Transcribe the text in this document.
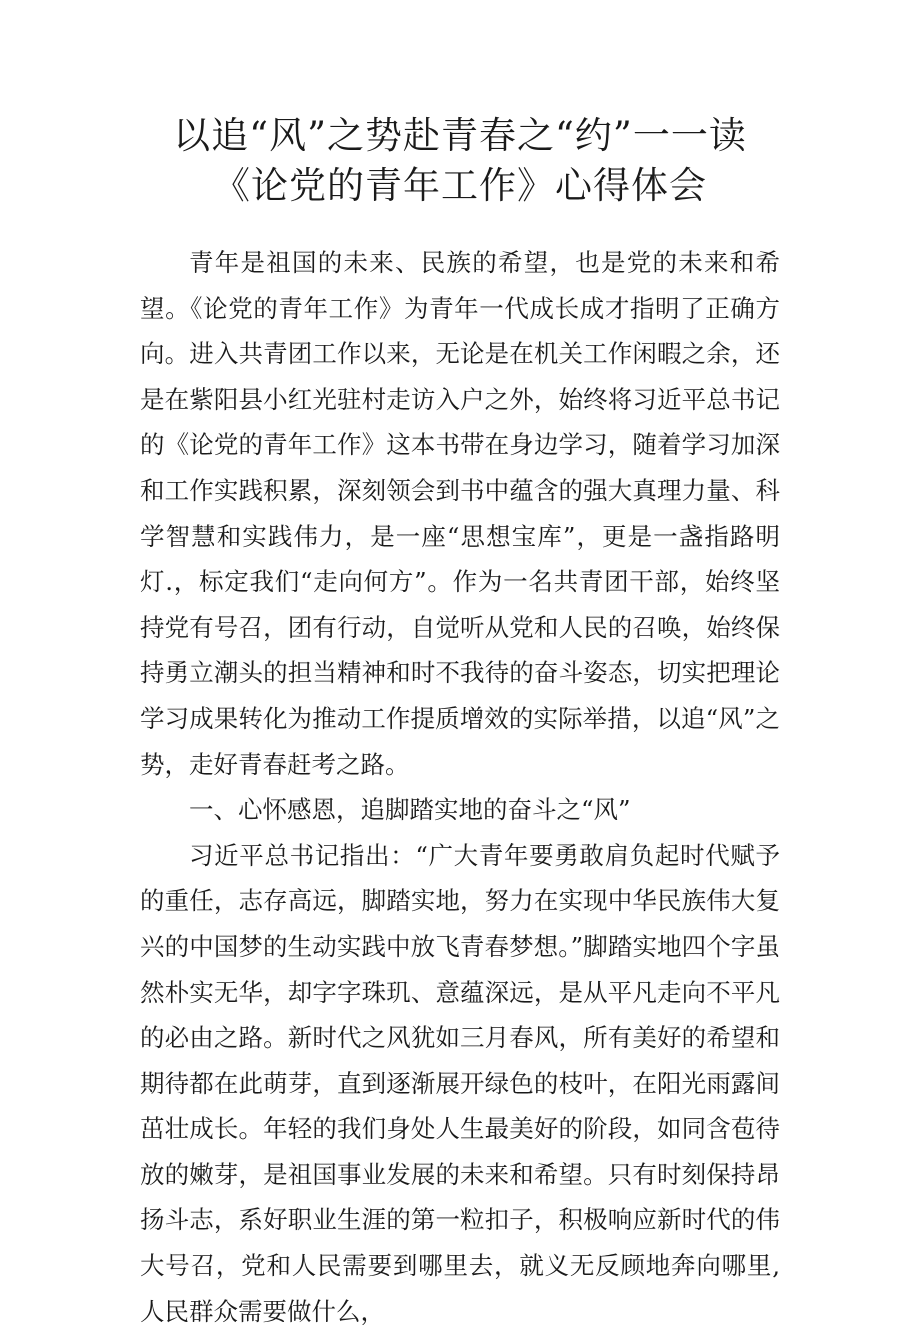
以追“风”之势赴青春之“约”一一读
《论党的青年工作》心得体会

青年是祖国的未来、民族的希望，也是党的未来和希望。《论党的青年工作》为青年一代成长成才指明了正确方向。进入共青团工作以来，无论是在机关工作闲暇之余，还是在紫阳县小红光驻村走访入户之外，始终将习近平总书记的《论党的青年工作》这本书带在身边学习，随着学习加深和工作实践积累，深刻领会到书中蕴含的强大真理力量、科学智慧和实践伟力，是一座“思想宝库”，更是一盏指路明灯.，标定我们“走向何方”。作为一名共青团干部，始终坚持党有号召，团有行动，自觉听从党和人民的召唤，始终保持勇立潮头的担当精神和时不我待的奋斗姿态，切实把理论学习成果转化为推动工作提质增效的实际举措，以追“风”之势，走好青春赶考之路。

一、心怀感恩，追脚踏实地的奋斗之“风”

习近平总书记指出：“广大青年要勇敢肩负起时代赋予的重任，志存高远，脚踏实地，努力在实现中华民族伟大复兴的中国梦的生动实践中放飞青春梦想。”脚踏实地四个字虽然朴实无华，却字字珠玑、意蕴深远，是从平凡走向不平凡的必由之路。新时代之风犹如三月春风，所有美好的希望和期待都在此萌芽，直到逐渐展开绿色的枝叶，在阳光雨露间茁壮成长。年轻的我们身处人生最美好的阶段，如同含苞待放的嫩芽，是祖国事业发展的未来和希望。只有时刻保持昂扬斗志，系好职业生涯的第一粒扣子，积极响应新时代的伟大号召，党和人民需要到哪里去，就义无反顾地奔向哪里,人民群众需要做什么，
